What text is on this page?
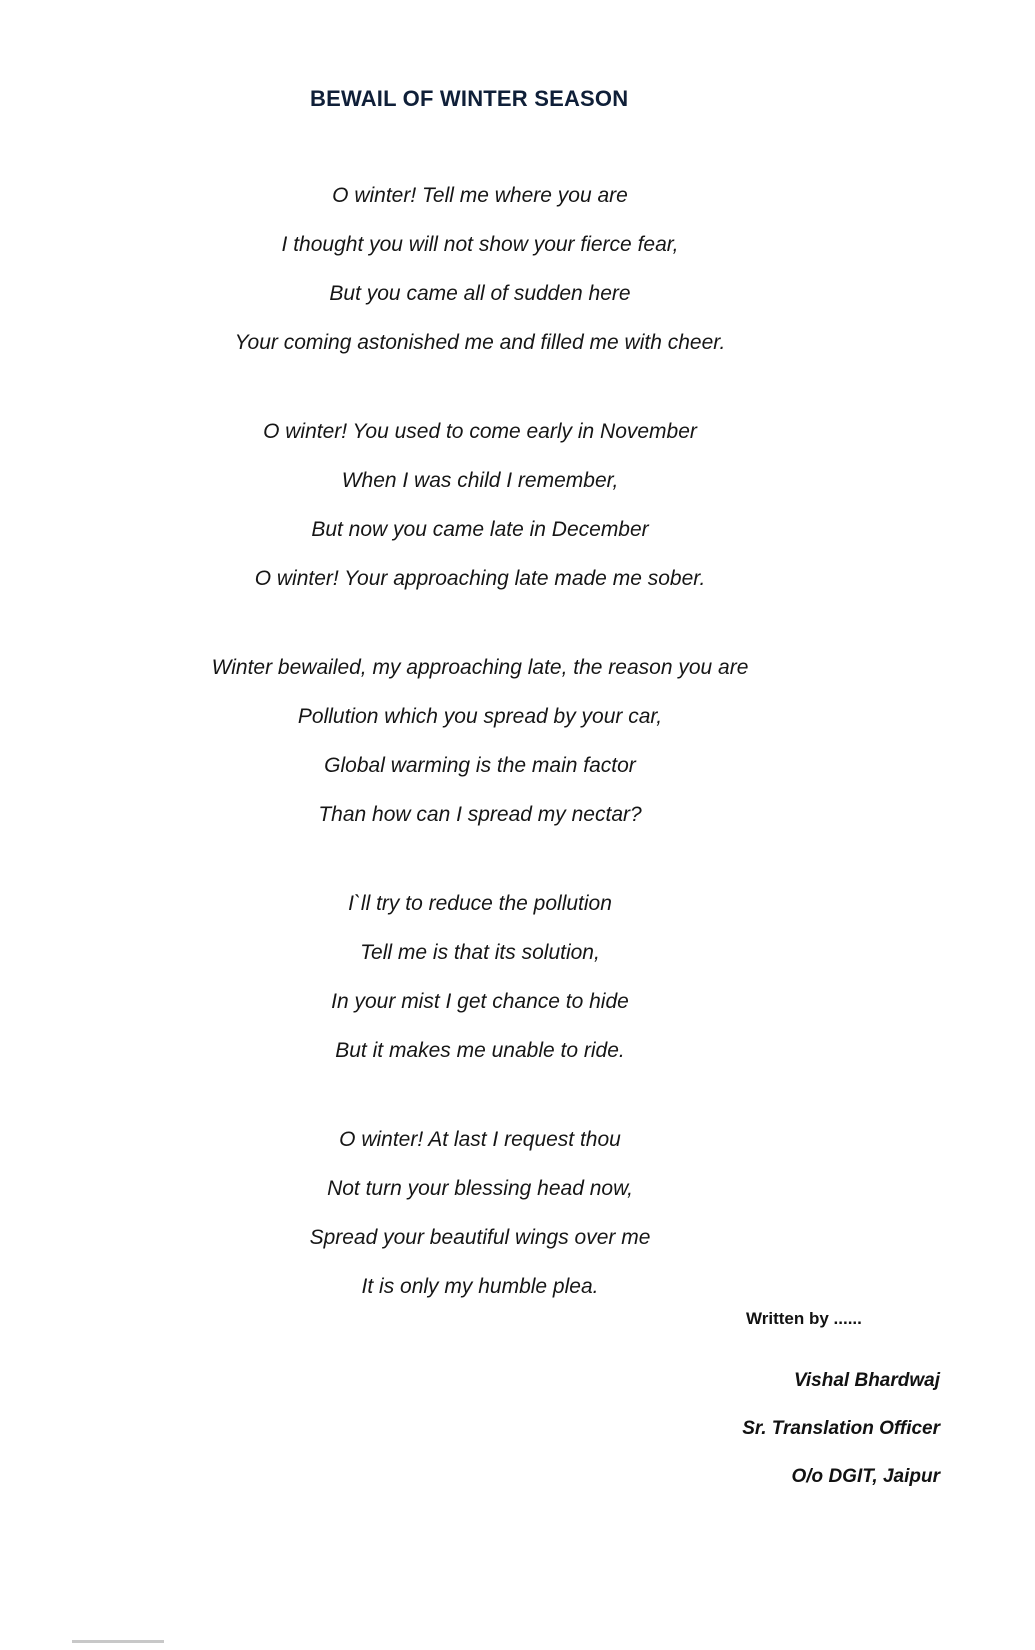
BEWAIL OF WINTER SEASON
O winter! Tell me where you are
I thought you will not show your fierce fear,
But you came all of sudden here
Your coming astonished me and filled me with cheer.
O winter! You used to come early in November
When I was child I remember,
But now you came late in December
O winter! Your approaching late made me sober.
Winter bewailed, my approaching late, the reason you are
Pollution which you spread by your car,
Global warming is the main factor
Than how can I spread my nectar?
I`ll try to reduce the pollution
Tell me is that its solution,
In your mist I get chance to hide
But it makes me unable to ride.
O winter! At last I request thou
Not turn your blessing head now,
Spread your beautiful wings over me
It is only my humble plea.
Written by ......
Vishal Bhardwaj
Sr. Translation Officer
O/o DGIT, Jaipur
